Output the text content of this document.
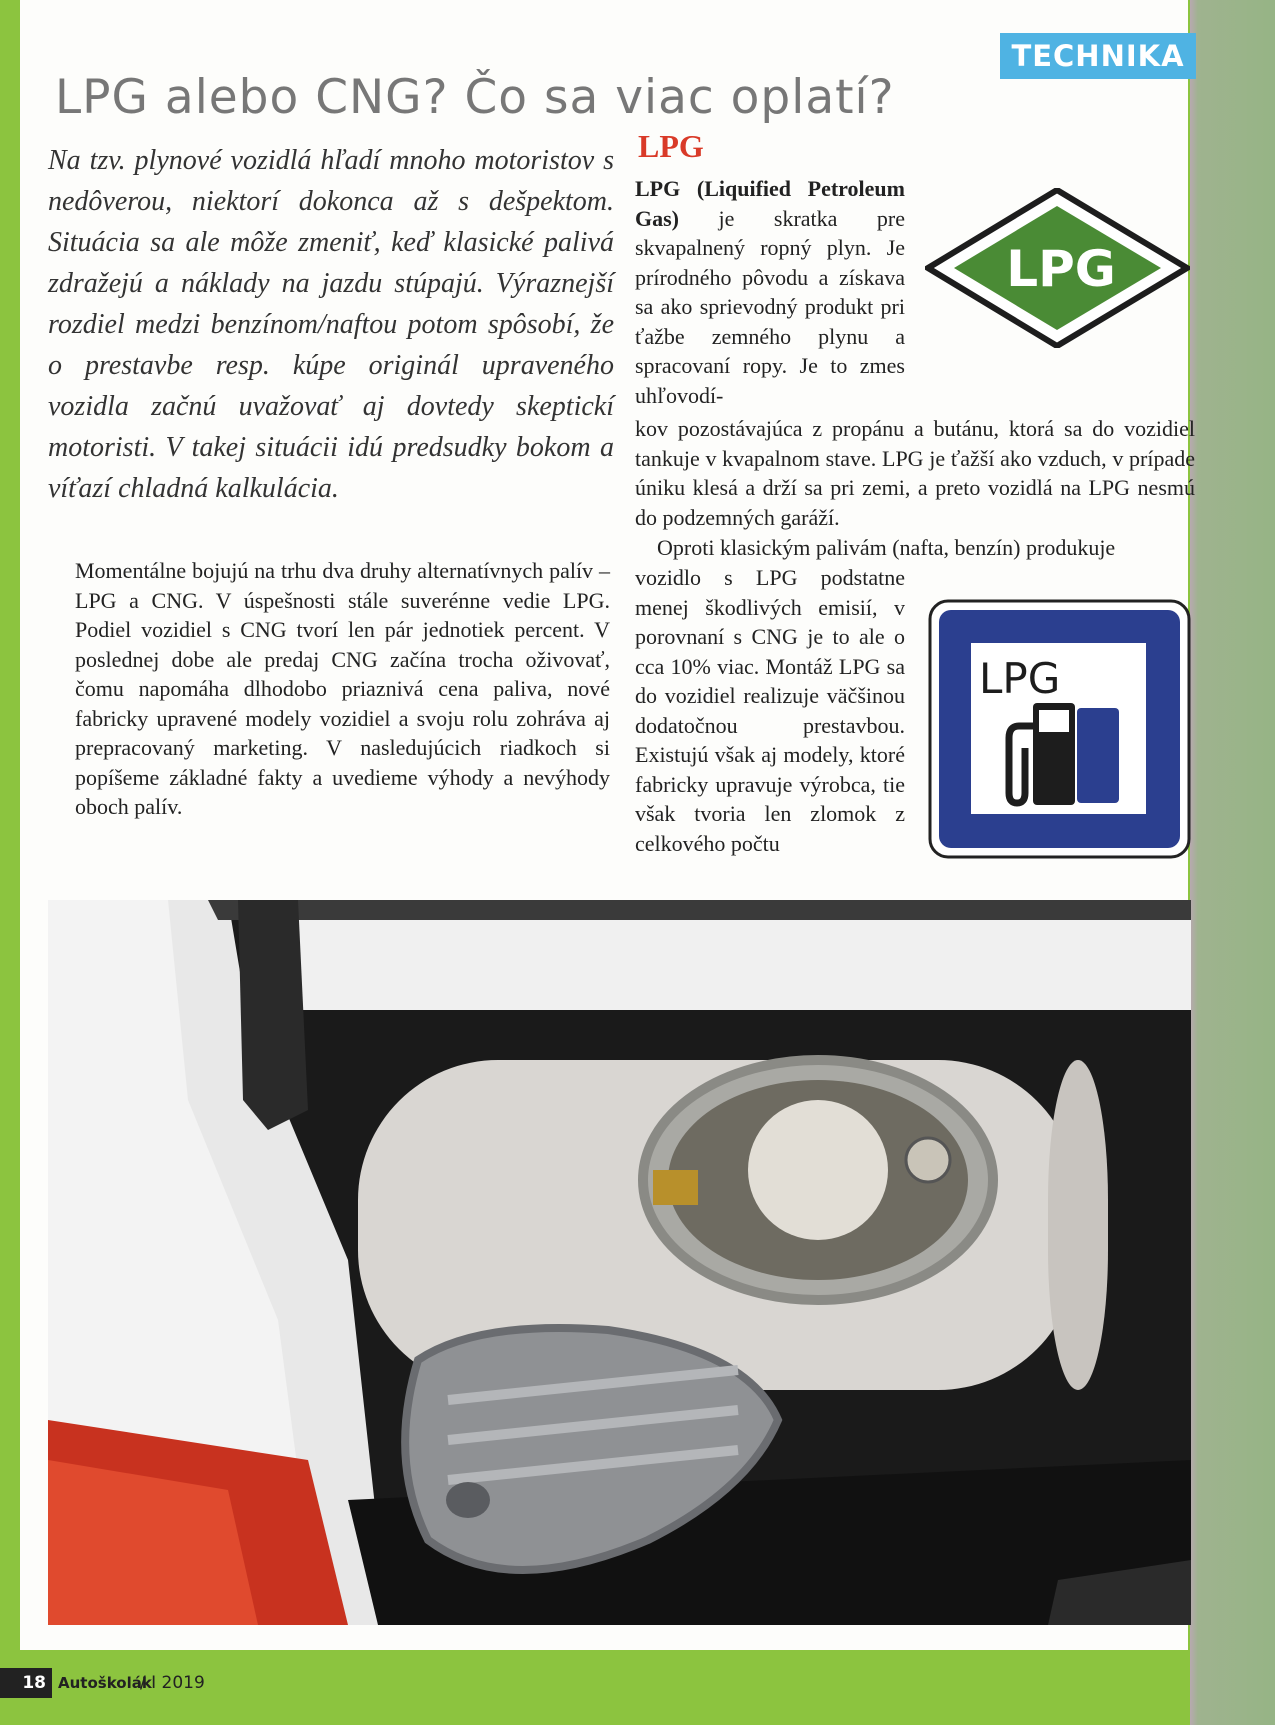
TECHNIKA
LPG alebo CNG? Čo sa viac oplatí?

Na tzv. plynové vozidlá hľadí mnoho motoristov s nedôverou, niektorí dokonca až s dešpektom. Situácia sa ale môže zmeniť, keď klasické palivá zdražejú a náklady na jazdu stúpajú. Výraznejší rozdiel medzi benzínom/naftou potom spôsobí, že o prestavbe resp. kúpe originál upraveného vozidla začnú uvažovať aj dovtedy skeptickí motoristi. V takej situácii idú predsudky bokom a víťazí chladná kalkulácia.

Momentálne bojujú na trhu dva druhy alternatívnych palív – LPG a CNG. V úspešnosti stále suverénne vedie LPG. Podiel vozidiel s CNG tvorí len pár jednotiek percent. V poslednej dobe ale predaj CNG začína trocha oživovať, čomu napomáha dlhodobo priaznivá cena paliva, nové fabricky upravené modely vozidiel a svoju rolu zohráva aj prepracovaný marketing. V nasledujúcich riadkoch si popíšeme základné fakty a uvedieme výhody a nevýhody oboch palív.

LPG

LPG (Liquified Petroleum Gas) je skratka pre skvapalnený ropný plyn. Je prírodného pôvodu a získava sa ako sprievodný produkt pri ťažbe zemného plynu a spracovaní ropy. Je to zmes uhľovodí-

kov pozostávajúca z propánu a butánu, ktorá sa do vozidiel tankuje v kvapalnom stave. LPG je ťažší ako vzduch, v prípade úniku klesá a drží sa pri zemi, a preto vozidlá na LPG nesmú do podzemných garáží.

Oproti klasickým palivám (nafta, benzín) produkuje

vozidlo s LPG podstatne menej škodlivých emisií, v porovnaní s CNG je to ale o cca 10% viac. Montáž LPG sa do vozidiel realizuje väčšinou dodatočnou prestavbou. Existujú však aj modely, ktoré fabricky upravuje výrobca, tie však tvoria len zlomok z celkového počtu

LPG
LPG
18 Autoškolák
/ I 2019
